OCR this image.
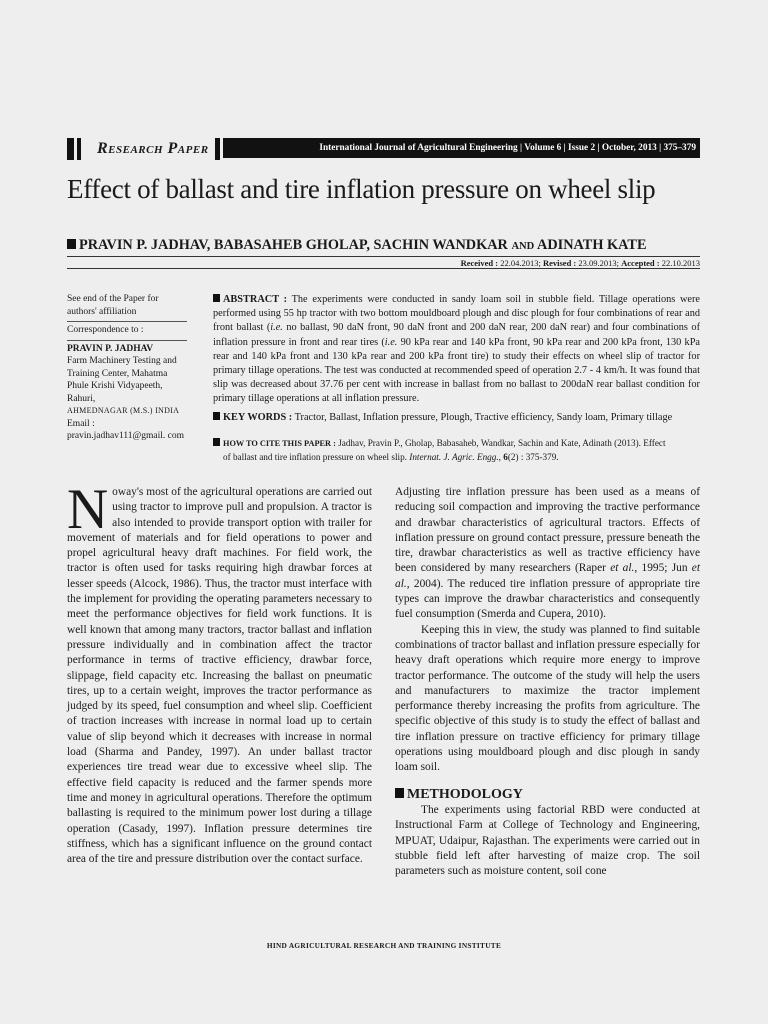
Research Paper	International Journal of Agricultural Engineering | Volume 6 | Issue 2 | October, 2013 | 375–379
Effect of ballast and tire inflation pressure on wheel slip
PRAVIN P. JADHAV, BABASAHEB GHOLAP, SACHIN WANDKAR AND ADINATH KATE
Received : 22.04.2013; Revised : 23.09.2013; Accepted : 22.10.2013
See end of the Paper for authors' affiliation
Correspondence to :
PRAVIN P. JADHAV
Farm Machinery Testing and Training Center, Mahatma Phule Krishi Vidyapeeth, Rahuri,
AHMEDNAGAR (M.S.) INDIA
Email : pravin.jadhav111@gmail. com
ABSTRACT : The experiments were conducted in sandy loam soil in stubble field. Tillage operations were performed using 55 hp tractor with two bottom mouldboard plough and disc plough for four combinations of rear and front ballast (i.e. no ballast, 90 daN front, 90 daN front and 200 daN rear, 200 daN rear) and four combinations of inflation pressure in front and rear tires (i.e. 90 kPa rear and 140 kPa front, 90 kPa rear and 200 kPa front, 130 kPa rear and 140 kPa front and 130 kPa rear and 200 kPa front tire) to study their effects on wheel slip of tractor for primary tillage operations. The test was conducted at recommended speed of operation 2.7 - 4 km/h. It was found that slip was decreased about 37.76 per cent with increase in ballast from no ballast to 200daN rear ballast condition for primary tillage operations at all inflation pressure.
KEY WORDS : Tractor, Ballast, Inflation pressure, Plough, Tractive efficiency, Sandy loam, Primary tillage
HOW TO CITE THIS PAPER : Jadhav, Pravin P., Gholap, Babasaheb, Wandkar, Sachin and Kate, Adinath (2013). Effect
of ballast and tire inflation pressure on wheel slip. Internat. J. Agric. Engg., 6(2) : 375-379.

Noway's most of the agricultural operations are carried out using tractor to improve pull and propulsion. A tractor is also intended to provide transport option with trailer for movement of materials and for field operations to power and propel agricultural heavy draft machines. For field work, the tractor is often used for tasks requiring high drawbar forces at lesser speeds (Alcock, 1986). Thus, the tractor must interface with the implement for providing the operating parameters necessary to meet the performance objectives for field work functions. It is well known that among many tractors, tractor ballast and inflation pressure individually and in combination affect the tractor performance in terms of tractive efficiency, drawbar force, slippage, field capacity etc. Increasing the ballast on pneumatic tires, up to a certain weight, improves the tractor performance as judged by its speed, fuel consumption and wheel slip. Coefficient of traction increases with increase in normal load up to certain value of slip beyond which it decreases with increase in normal load (Sharma and Pandey, 1997). An under ballast tractor experiences tire tread wear due to excessive wheel slip. The effective field capacity is reduced and the farmer spends more time and money in agricultural operations. Therefore the optimum ballasting is required to the minimum power lost during a tillage operation (Casady, 1997). Inflation pressure determines tire stiffness, which has a significant influence on the ground contact area of the tire and pressure distribution over the contact surface.

Adjusting tire inflation pressure has been used as a means of reducing soil compaction and improving the tractive performance and drawbar characteristics of agricultural tractors. Effects of inflation pressure on ground contact pressure, pressure beneath the tire, drawbar characteristics as well as tractive efficiency have been considered by many researchers (Raper et al., 1995; Jun et al., 2004). The reduced tire inflation pressure of appropriate tire types can improve the drawbar characteristics and consequently fuel consumption (Smerda and Cupera, 2010).

Keeping this in view, the study was planned to find suitable combinations of tractor ballast and inflation pressure especially for heavy draft operations which require more energy to improve tractor performance. The outcome of the study will help the users and manufacturers to maximize the tractor implement performance thereby increasing the profits from agriculture. The specific objective of this study is to study the effect of ballast and tire inflation pressure on tractive efficiency for primary tillage operations using mouldboard plough and disc plough in sandy loam soil.

METHODOLOGY

The experiments using factorial RBD were conducted at Instructional Farm at College of Technology and Engineering, MPUAT, Udaipur, Rajasthan. The experiments were carried out in stubble field left after harvesting of maize crop. The soil parameters such as moisture content, soil cone

HIND AGRICULTURAL RESEARCH AND TRAINING INSTITUTE
